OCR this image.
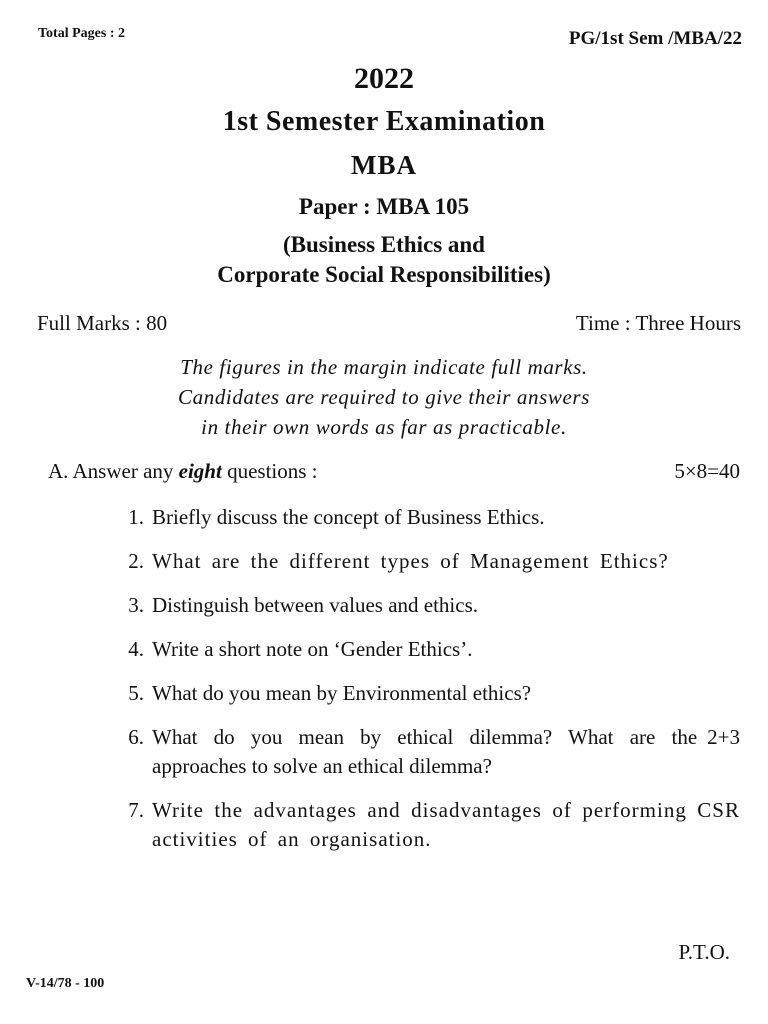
Total Pages : 2	PG/1st Sem /MBA/22
2022
1st Semester Examination
MBA
Paper : MBA 105
(Business Ethics and
Corporate Social Responsibilities)
Full Marks : 80	Time : Three Hours
The figures in the margin indicate full marks.
Candidates are required to give their answers
in their own words as far as practicable.
A. Answer any eight questions :	5×8=40
1. Briefly discuss the concept of Business Ethics.
2. What are the different types of Management Ethics?
3. Distinguish between values and ethics.
4. Write a short note on ‘Gender Ethics’.
5. What do you mean by Environmental ethics?
6.	2+3
What do you mean by ethical dilemma? What are the approaches to solve an ethical dilemma?
7. Write the advantages and disadvantages of performing CSR activities of an organisation.
P.T.O.
V-14/78 - 100
